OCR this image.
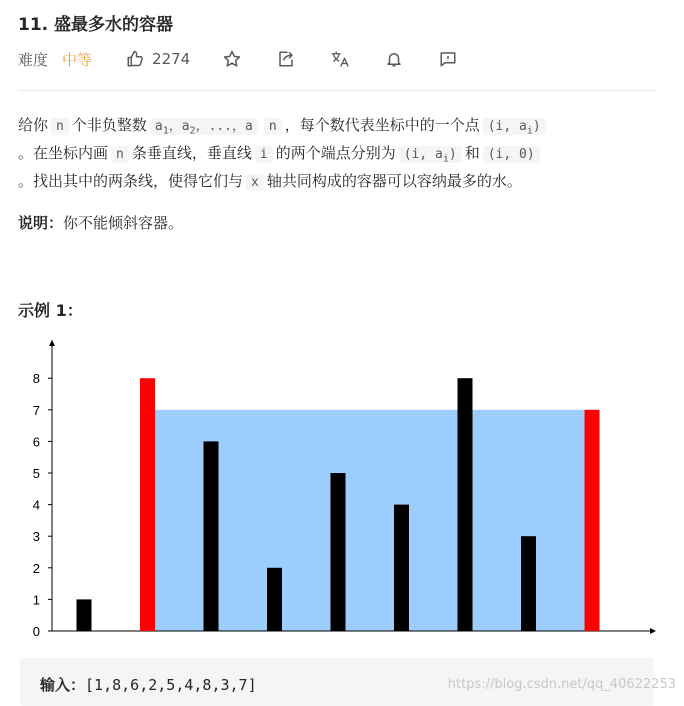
11. 盛最多水的容器
难度 中等	2274
给你 n 个非负整数 $a_1$，$a_2$，...，a n ，每个数代表坐标中的一个点 (i, $a_i$)
。在坐标内画 n 条垂直线，垂直线 i 的两个端点分别为 (i, $a_i$) 和 (i, 0)
。找出其中的两条线，使得它们与 x 轴共同构成的容器可以容纳最多的水。
说明：你不能倾斜容器。
示例 1：
0
1
2
3
4
5
6
7
8
输入：[1,8,6,2,5,4,8,3,7]	https://blog.csdn.net/qq_40622253
